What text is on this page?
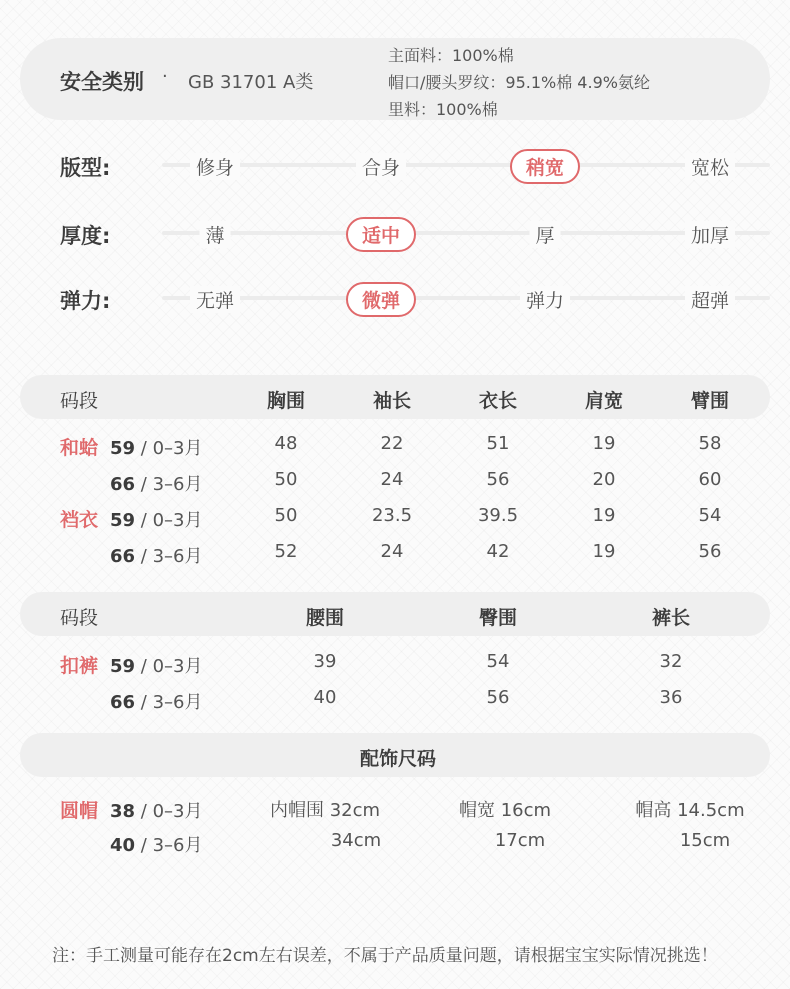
安全类别 · GB 31701 A类
主面料：100%棉
帽口/腰头罗纹：95.1%棉 4.9%氨纶
里料：100%棉
版型:	修身	合身	稍宽	宽松
厚度:	薄	适中	厚	加厚
弹力:	无弹	微弹	弹力	超弹
码段	胸围	袖长	衣长	肩宽	臂围
和蛤 59 / 0–3月	48	22	51	19	58
66 / 3–6月	50	24	56	20	60
裆衣 59 / 0–3月	50	23.5	39.5	19	54
66 / 3–6月	52	24	42	19	56
码段	腰围	臀围	裤长
扣裤 59 / 0–3月	39	54	32
66 / 3–6月	40	56	36
配饰尺码
圆帽 38 / 0–3月	内帽围 32cm	帽宽 16cm	帽高 14.5cm
40 / 3–6月	34cm	17cm	15cm
注：手工测量可能存在2cm左右误差，不属于产品质量问题，请根据宝宝实际情况挑选！
